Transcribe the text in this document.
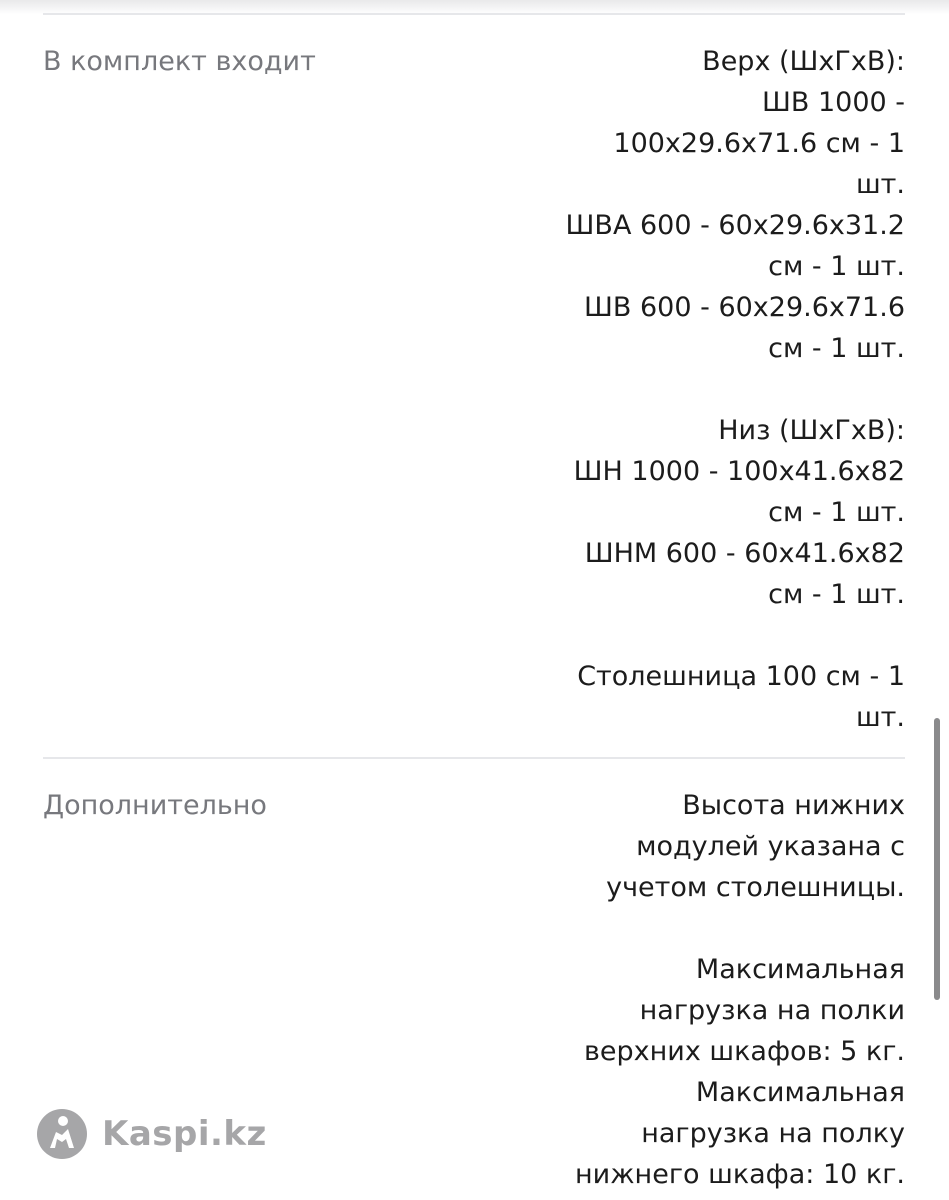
В комплект входит	Верх (ШхГхВ):
ШВ 1000 -
100x29.6x71.6 см - 1
шт.
ШВА 600 - 60x29.6x31.2
см - 1 шт.
ШВ 600 - 60x29.6x71.6
см - 1 шт.
Низ (ШхГхВ):
ШН 1000 - 100x41.6x82
см - 1 шт.
ШНМ 600 - 60x41.6x82
см - 1 шт.
Столешница 100 см - 1
шт.
Дополнительно	Высота нижних
модулей указана с
учетом столешницы.
Максимальная
нагрузка на полки
верхних шкафов: 5 кг.
Максимальная
нагрузка на полку
нижнего шкафа: 10 кг.
Kaspi.kz
